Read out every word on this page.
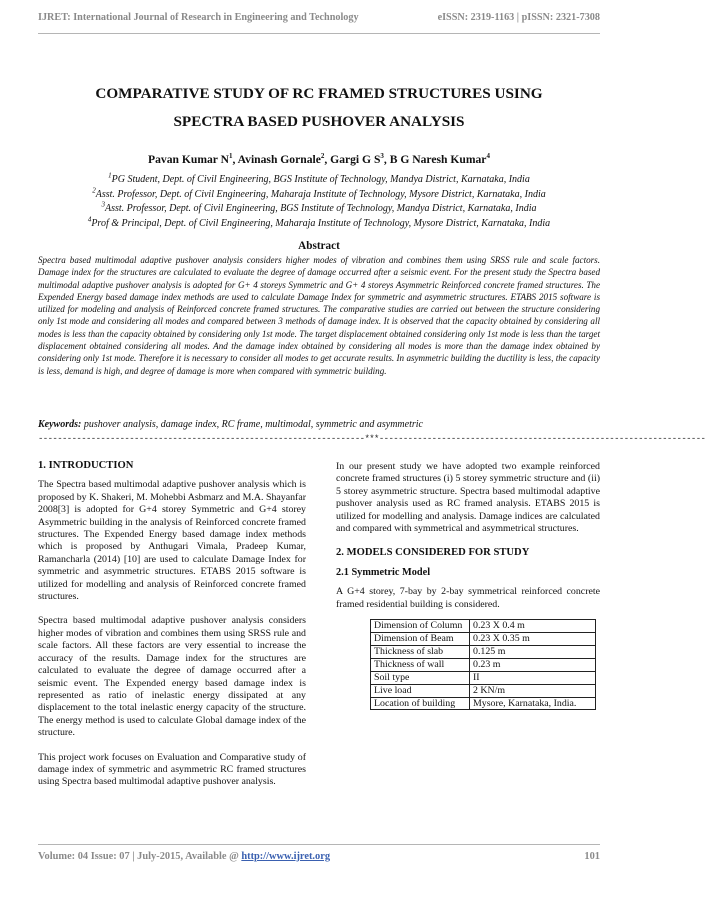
IJRET: International Journal of Research in Engineering and Technology	eISSN: 2319-1163 | pISSN: 2321-7308
COMPARATIVE STUDY OF RC FRAMED STRUCTURES USING
SPECTRA BASED PUSHOVER ANALYSIS
Pavan Kumar $N^1$, Avinash Gornale$^2$, Gargi G $S^3$, B G Naresh Kumar$^4$
$^1$PG Student, Dept. of Civil Engineering, BGS Institute of Technology, Mandya District, Karnataka, India
$^2$Asst. Professor, Dept. of Civil Engineering, Maharaja Institute of Technology, Mysore District, Karnataka, India
$^3$Asst. Professor, Dept. of Civil Engineering, BGS Institute of Technology, Mandya District, Karnataka, India
$^4$Prof & Principal, Dept. of Civil Engineering, Maharaja Institute of Technology, Mysore District, Karnataka, India
Abstract
Spectra based multimodal adaptive pushover analysis considers higher modes of vibration and combines them using SRSS rule and scale factors. Damage index for the structures are calculated to evaluate the degree of damage occurred after a seismic event. For the present study the Spectra based multimodal adaptive pushover analysis is adopted for G+ 4 storeys Symmetric and G+ 4 storeys Asymmetric Reinforced concrete framed structures. The Expended Energy based damage index methods are used to calculate Damage Index for symmetric and asymmetric structures. ETABS 2015 software is utilized for modeling and analysis of Reinforced concrete framed structures. The comparative studies are carried out between the structure considering only 1st mode and considering all modes and compared between 3 methods of damage index. It is observed that the capacity obtained by considering all modes is less than the capacity obtained by considering only 1st mode. The target displacement obtained considering only 1st mode is less than the target displacement obtained considering all modes. And the damage index obtained by considering all modes is more than the damage index obtained by considering only 1st mode. Therefore it is necessary to consider all modes to get accurate results. In asymmetric building the ductility is less, the capacity is less, demand is high, and degree of damage is more when compared with symmetric building.
Keywords: pushover analysis, damage index, RC frame, multimodal, symmetric and asymmetric
--------------------------------------------------------------------***--------------------------------------------------------------------
1. INTRODUCTION
The Spectra based multimodal adaptive pushover analysis which is proposed by K. Shakeri, M. Mohebbi Asbmarz and M.A. Shayanfar 2008[3] is adopted for G+4 storey Symmetric and G+4 storey Asymmetric building in the analysis of Reinforced concrete framed structures. The Expended Energy based damage index methods which is proposed by Anthugari Vimala, Pradeep Kumar, Ramancharla (2014) [10] are used to calculate Damage Index for symmetric and asymmetric structures. ETABS 2015 software is utilized for modelling and analysis of Reinforced concrete framed structures.
Spectra based multimodal adaptive pushover analysis considers higher modes of vibration and combines them using SRSS rule and scale factors. All these factors are very essential to increase the accuracy of the results. Damage index for the structures are calculated to evaluate the degree of damage occurred after a seismic event. The Expended energy based damage index is represented as ratio of inelastic energy dissipated at any displacement to the total inelastic energy capacity of the structure. The energy method is used to calculate Global damage index of the structure.
This project work focuses on Evaluation and Comparative study of damage index of symmetric and asymmetric RC framed structures using Spectra based multimodal adaptive pushover analysis.
In our present study we have adopted two example reinforced concrete framed structures (i) 5 storey symmetric structure and (ii) 5 storey asymmetric structure. Spectra based multimodal adaptive pushover analysis used as RC framed analysis. ETABS 2015 is utilized for modelling and analysis. Damage indices are calculated and compared with symmetrical and asymmetrical structures.
2. MODELS CONSIDERED FOR STUDY
2.1 Symmetric Model
A G+4 storey, 7-bay by 2-bay symmetrical reinforced concrete framed residential building is considered.
Dimension of Column	0.23 X 0.4 m
Dimension of Beam	0.23 X 0.35 m
Thickness of slab	0.125 m
Thickness of wall	0.23 m
Soil type	II
Live load	2 KN/m
Location of building	Mysore, Karnataka, India.
Volume: 04 Issue: 07 | July-2015, Available @ http://www.ijret.org	101
